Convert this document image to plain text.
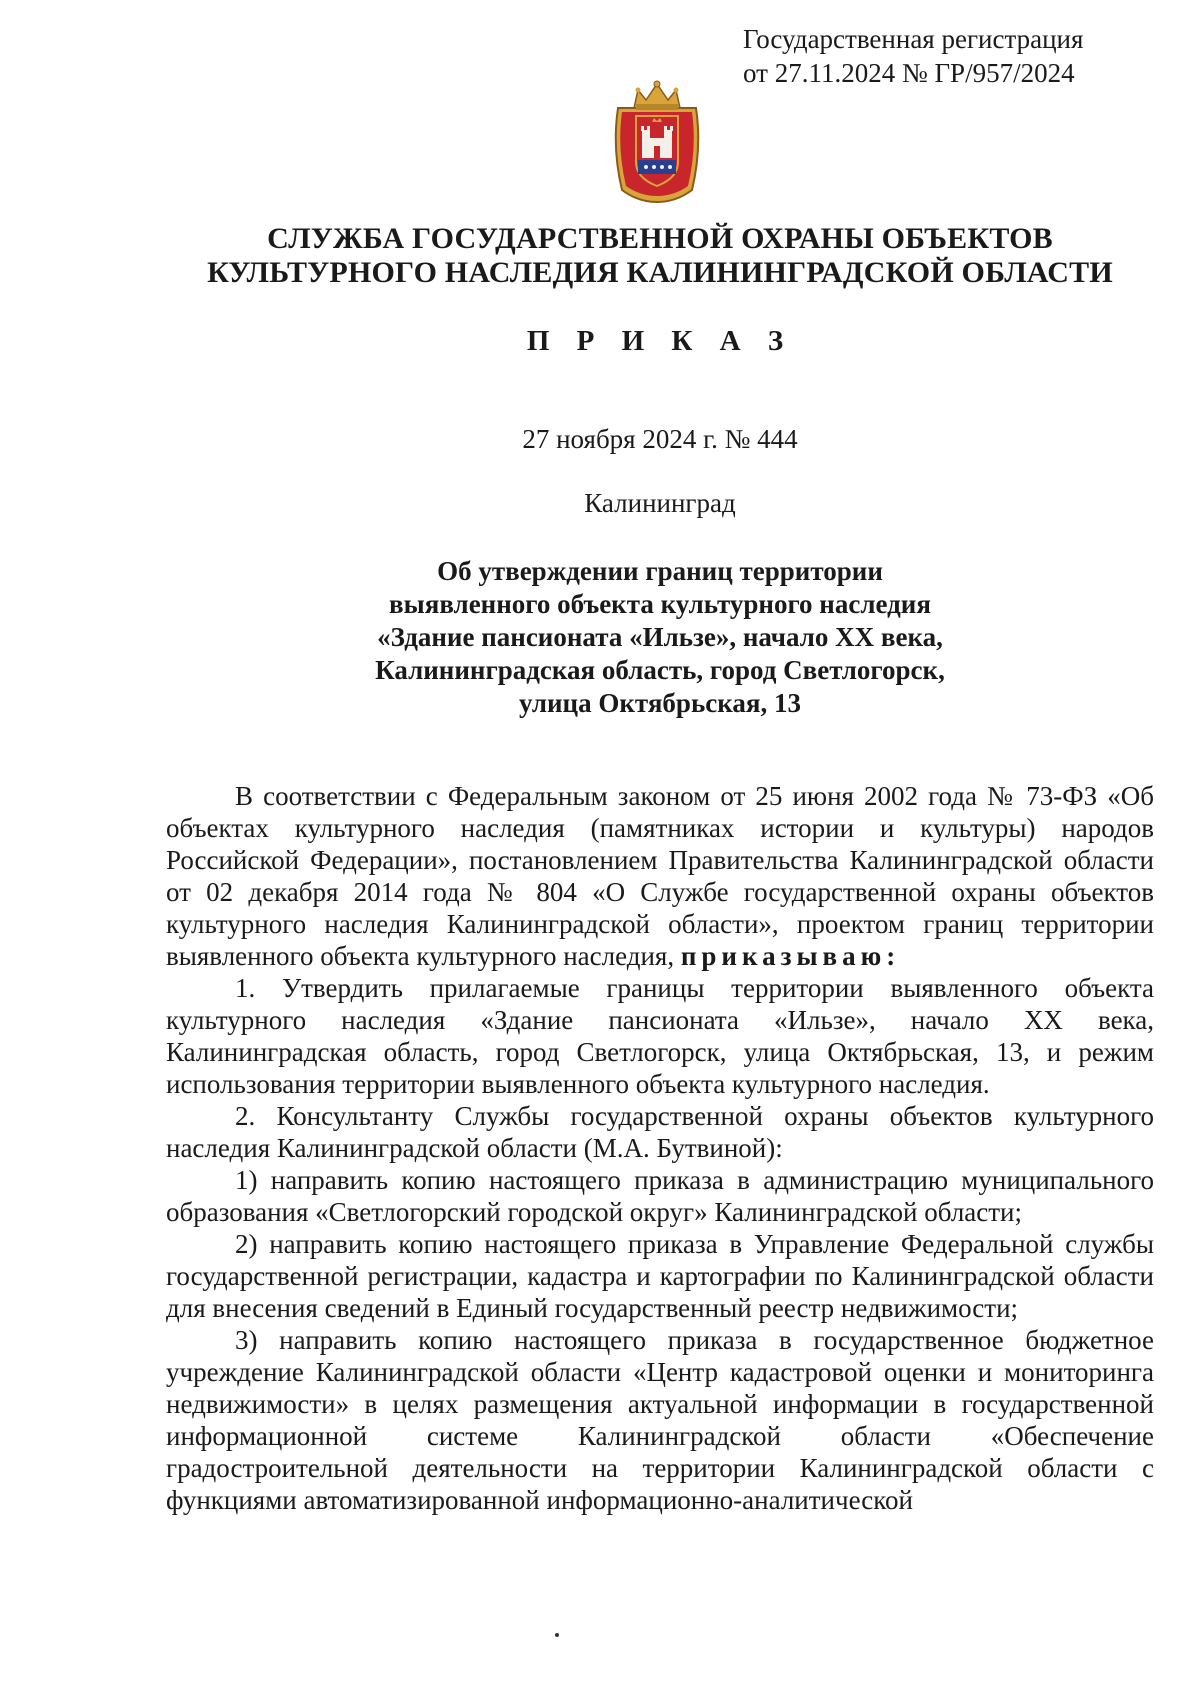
Государственная регистрация
от 27.11.2024 № ГР/957/2024
СЛУЖБА ГОСУДАРСТВЕННОЙ ОХРАНЫ ОБЪЕКТОВ
КУЛЬТУРНОГО НАСЛЕДИЯ КАЛИНИНГРАДСКОЙ ОБЛАСТИ
П Р И К А З
27 ноября 2024 г. № 444
Калининград
Об утверждении границ территории
выявленного объекта культурного наследия
«Здание пансионата «Ильзе», начало XX века,
Калининградская область, город Светлогорск,
улица Октябрьская, 13

В соответствии с Федеральным законом от 25 июня 2002 года № 73-ФЗ «Об объектах культурного наследия (памятниках истории и культуры) народов Российской Федерации», постановлением Правительства Калининградской области от 02 декабря 2014 года № 804 «О Службе государственной охраны объектов культурного наследия Калининградской области», проектом границ территории выявленного объекта культурного наследия, приказываю:

1. Утвердить прилагаемые границы территории выявленного объекта культурного наследия «Здание пансионата «Ильзе», начало XX века, Калининградская область, город Светлогорск, улица Октябрьская, 13, и режим использования территории выявленного объекта культурного наследия.

2. Консультанту Службы государственной охраны объектов культурного наследия Калининградской области (М.А. Бутвиной):

1) направить копию настоящего приказа в администрацию муниципального образования «Светлогорский городской округ» Калининградской области;

2) направить копию настоящего приказа в Управление Федеральной службы государственной регистрации, кадастра и картографии по Калининградской области для внесения сведений в Единый государственный реестр недвижимости;

3) направить копию настоящего приказа в государственное бюджетное учреждение Калининградской области «Центр кадастровой оценки и мониторинга недвижимости» в целях размещения актуальной информации в государственной информационной системе Калининградской области «Обеспечение градостроительной деятельности на территории Калининградской области с функциями автоматизированной информационно-аналитической
